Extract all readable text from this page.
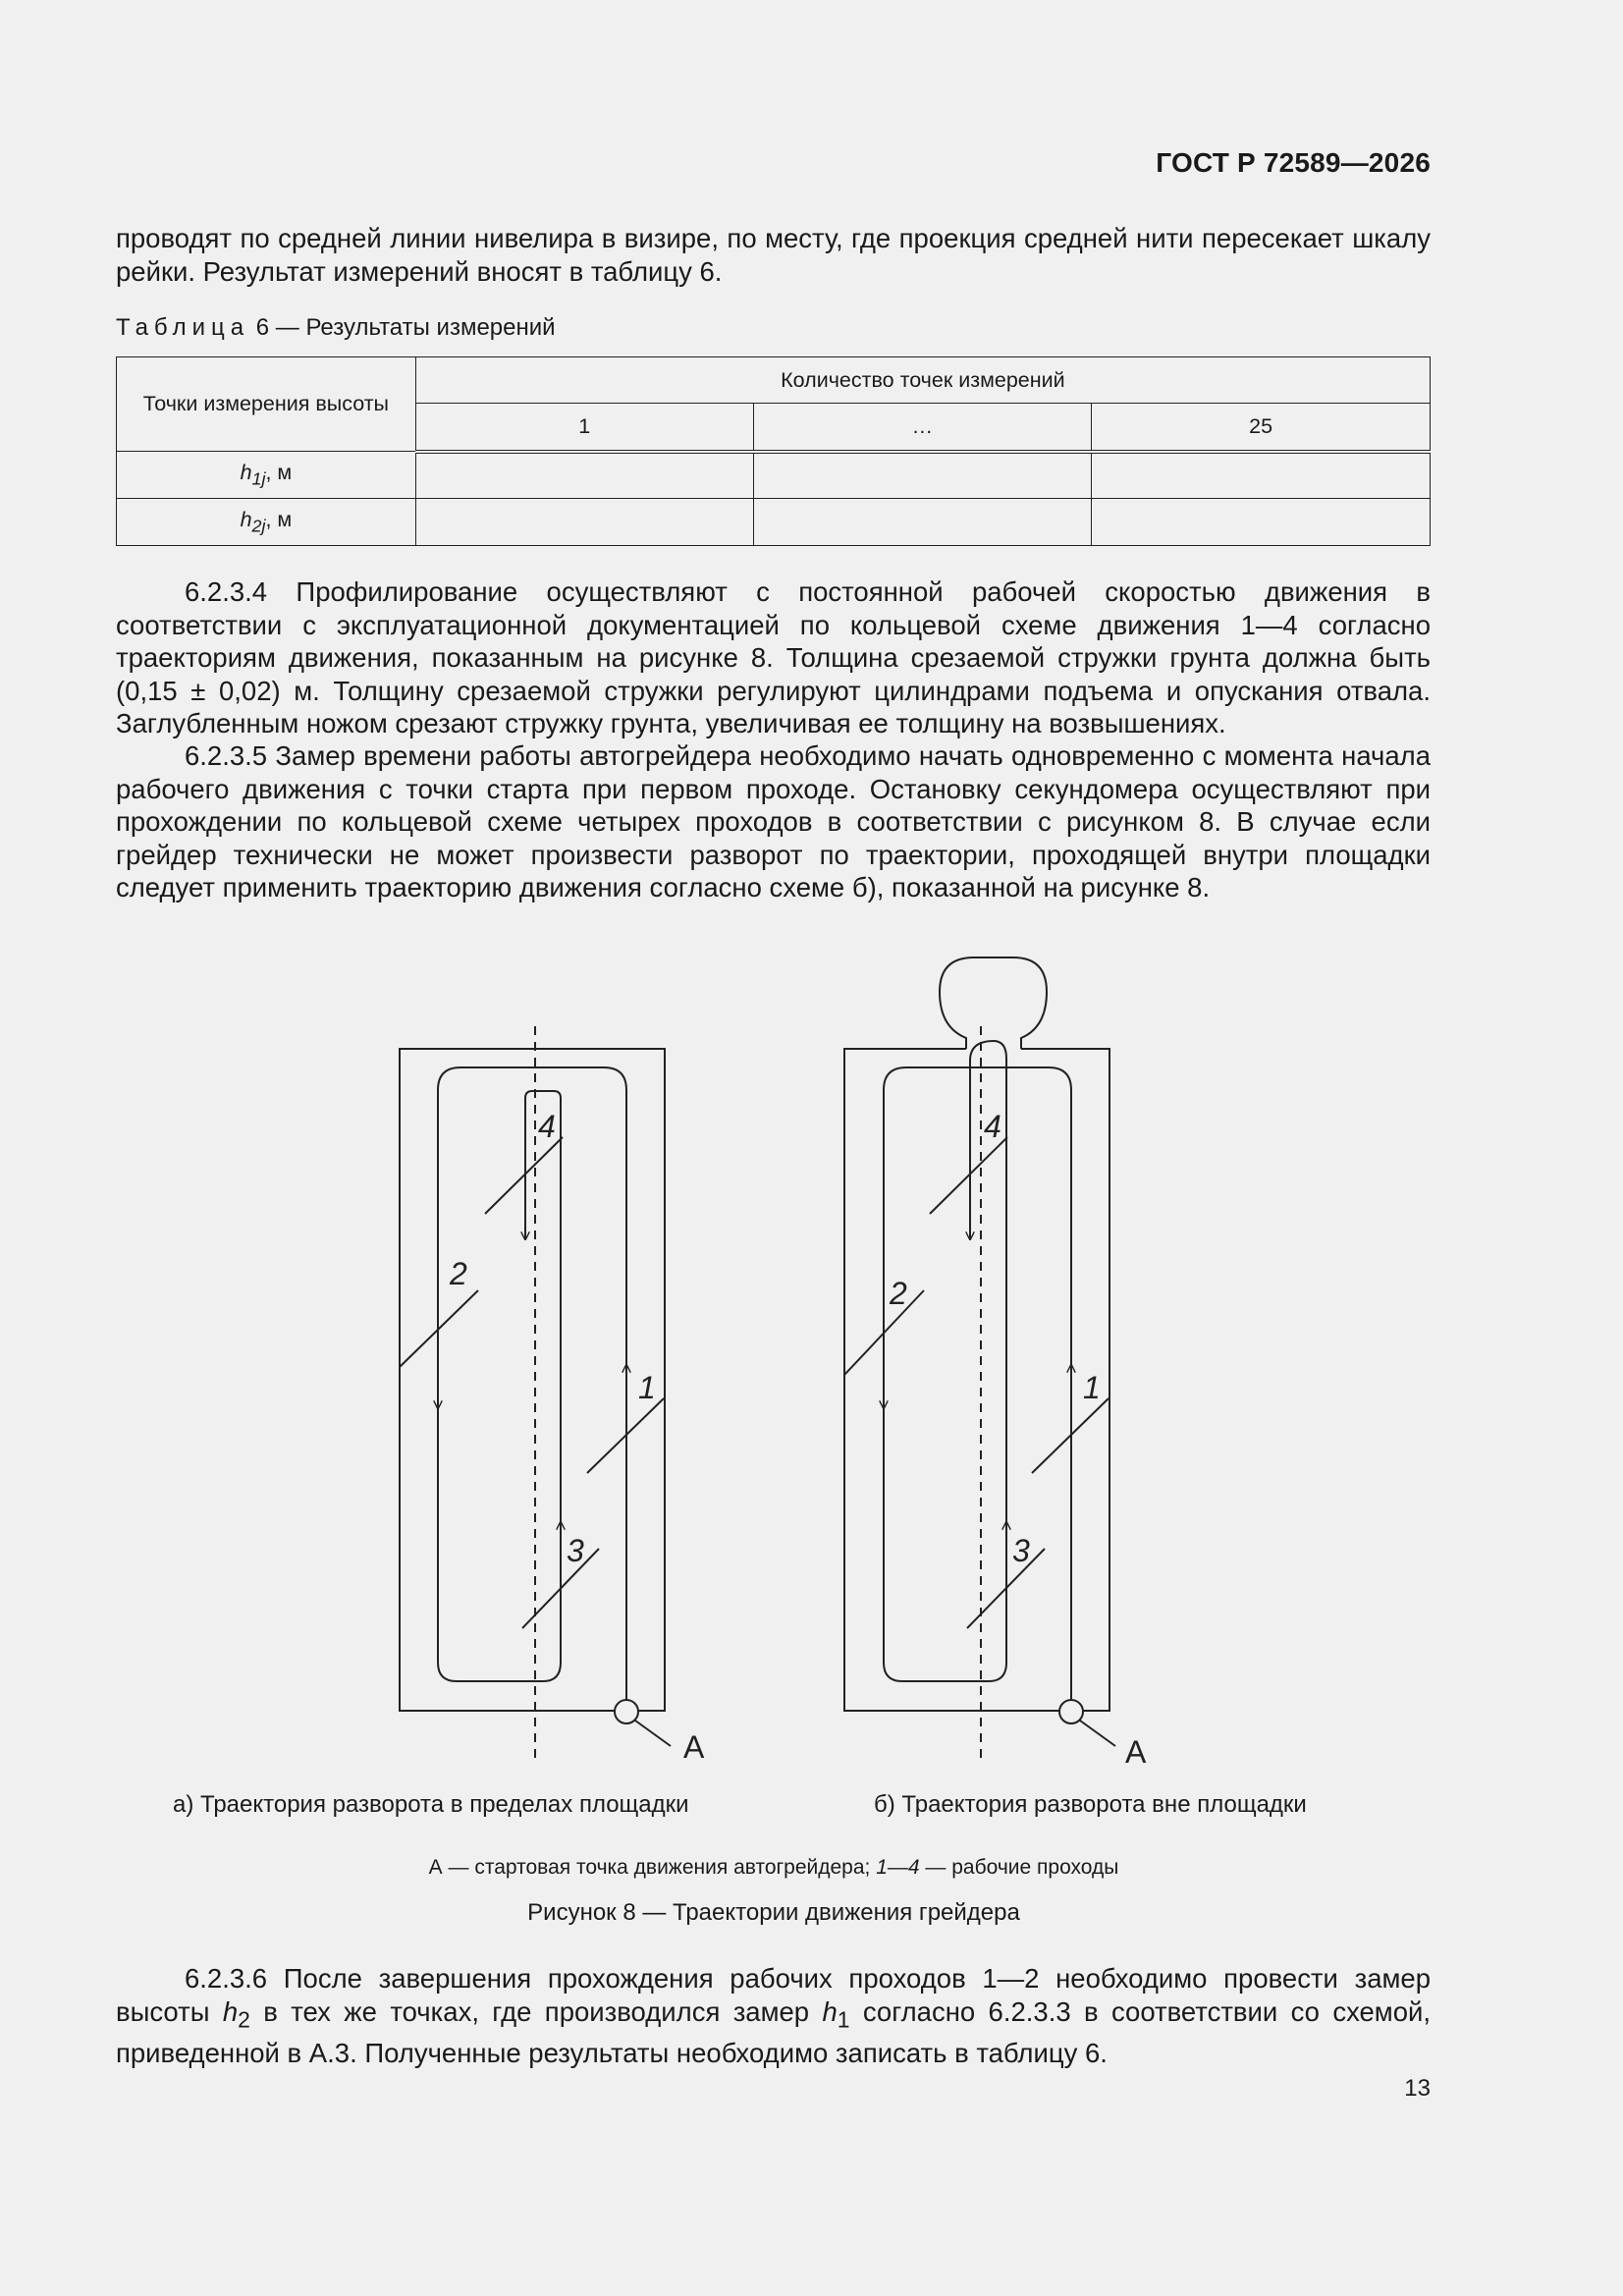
ГОСТ Р 72589—2026

проводят по средней линии нивелира в визире, по месту, где проекция средней нити пересекает шкалу рейки. Результат измерений вносят в таблицу 6.

Таблица 6 — Результаты измерений
Точки измерения высоты	Количество точек измерений		
	1	…	25
$h_{1j}$, м			
$h_{2j}$, м			

6.2.3.4 Профилирование осуществляют с постоянной рабочей скоростью движения в соответствии с эксплуатационной документацией по кольцевой схеме движения 1—4 согласно траекториям движения, показанным на рисунке 8. Толщина срезаемой стружки грунта должна быть (0,15 ± 0,02) м. Толщину срезаемой стружки регулируют цилиндрами подъема и опускания отвала. Заглубленным ножом срезают стружку грунта, увеличивая ее толщину на возвышениях.

6.2.3.5 Замер времени работы автогрейдера необходимо начать одновременно с момента начала рабочего движения с точки старта при первом проходе. Остановку секундомера осуществляют при прохождении по кольцевой схеме четырех проходов в соответствии с рисунком 8. В случае если грейдер технически не может произвести разворот по траектории, проходящей внутри площадки следует применить траекторию движения согласно схеме б), показанной на рисунке 8.

4
2
1
3
4
2
1
3
A	A
а) Траектория разворота в пределах площадки	б) Траектория разворота вне площадки
А — стартовая точка движения автогрейдера; 1—4 — рабочие проходы
Рисунок 8 — Траектории движения грейдера

6.2.3.6 После завершения прохождения рабочих проходов 1—2 необходимо провести замер высоты $h_2$ в тех же точках, где производился замер $h_1$ согласно 6.2.3.3 в соответствии со схемой, приведенной в А.3. Полученные результаты необходимо записать в таблицу 6.

13
